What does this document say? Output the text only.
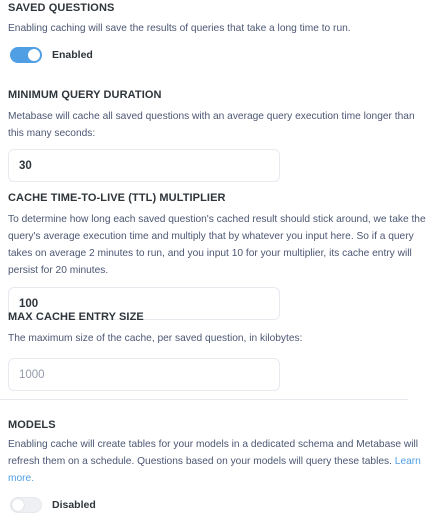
SAVED QUESTIONS
Enabling caching will save the results of queries that take a long time to run.
Enabled
MINIMUM QUERY DURATION
Metabase will cache all saved questions with an average query execution time longer than this many seconds:
30
CACHE TIME-TO-LIVE (TTL) MULTIPLIER
To determine how long each saved question's cached result should stick around, we take the query's average execution time and multiply that by whatever you input here. So if a query takes on average 2 minutes to run, and you input 10 for your multiplier, its cache entry will persist for 20 minutes.
100
MAX CACHE ENTRY SIZE
The maximum size of the cache, per saved question, in kilobytes:
1000
MODELS
Enabling cache will create tables for your models in a dedicated schema and Metabase will refresh them on a schedule. Questions based on your models will query these tables. Learn more.
Disabled
